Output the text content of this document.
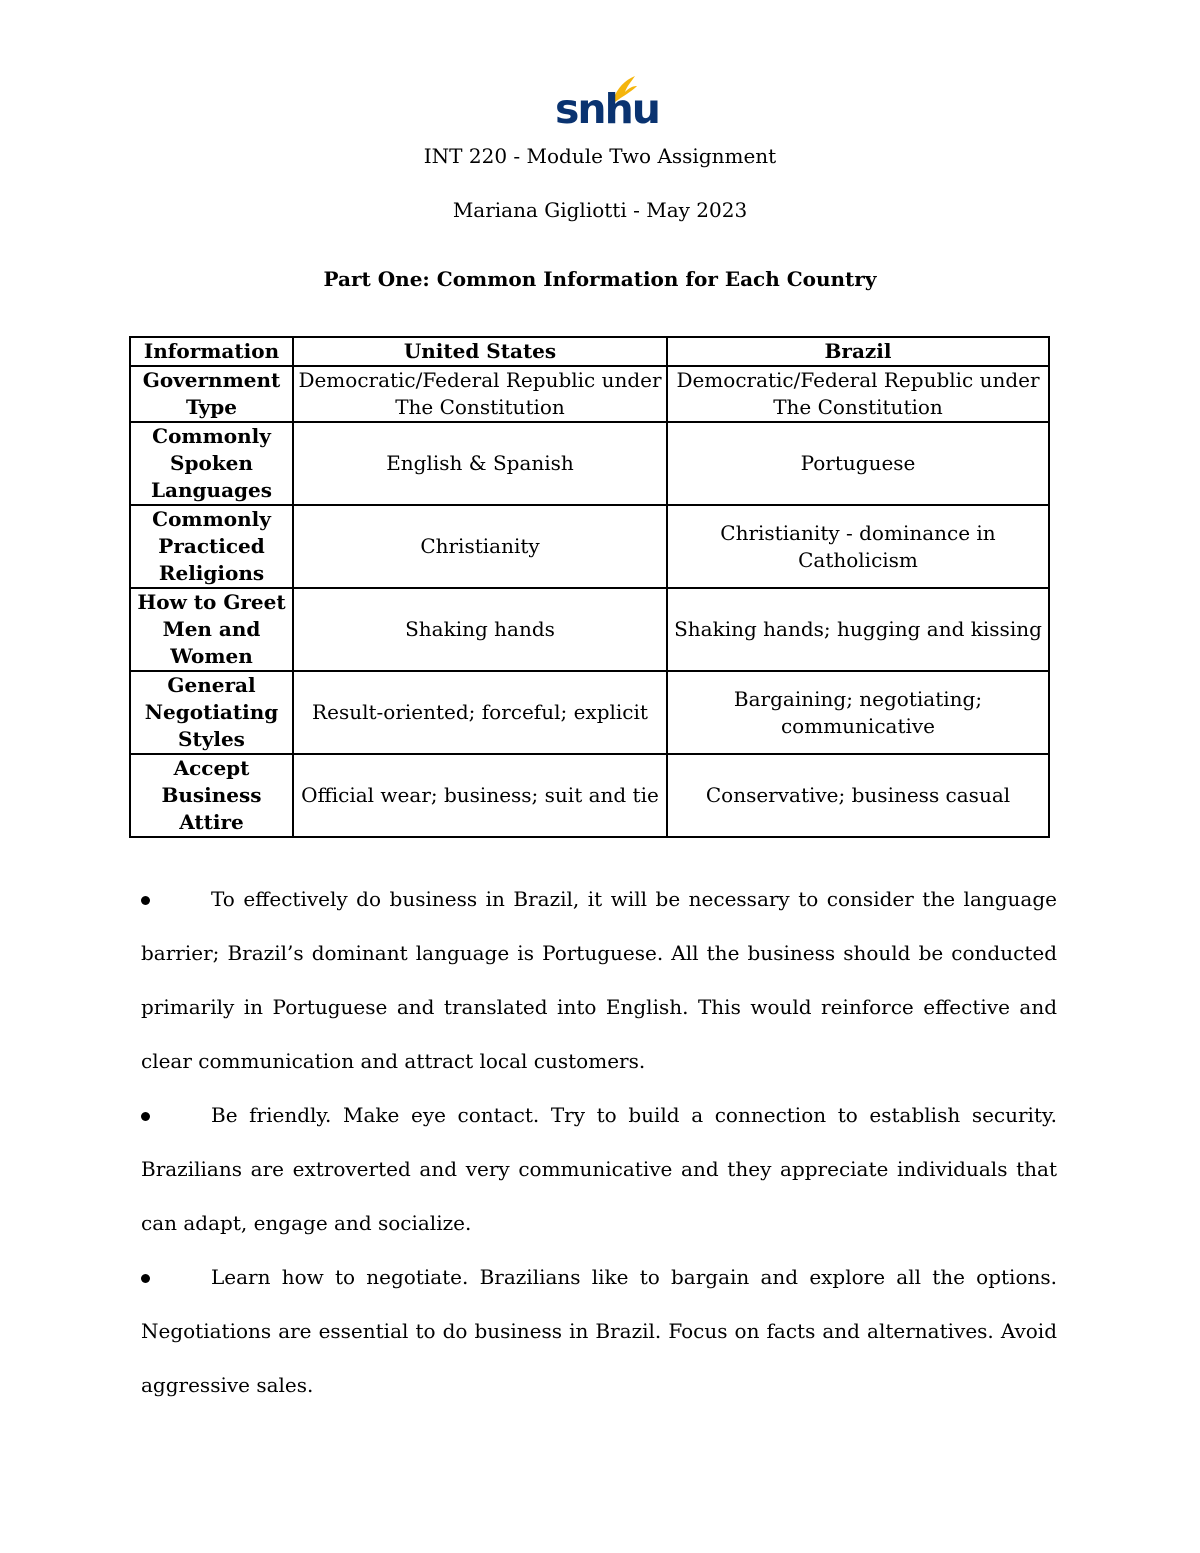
snhu
INT 220 - Module Two Assignment
Mariana Gigliotti - May 2023
Part One: Common Information for Each Country
Information	United States	Brazil
Government Type	Democratic/Federal Republic under The Constitution	Democratic/Federal Republic under The Constitution
Commonly Spoken Languages	English & Spanish	Portuguese
Commonly Practiced Religions	Christianity	Christianity - dominance in Catholicism
How to Greet Men and Women	Shaking hands	Shaking hands; hugging and kissing
General Negotiating Styles	Result-oriented; forceful; explicit	Bargaining; negotiating; communicative
Accept Business Attire	Official wear; business; suit and tie	Conservative; business casual

To effectively do business in Brazil, it will be necessary to consider the language barrier; Brazil’s dominant language is Portuguese. All the business should be conducted primarily in Portuguese and translated into English. This would reinforce effective and clear communication and attract local customers.

Be friendly. Make eye contact. Try to build a connection to establish security. Brazilians are extroverted and very communicative and they appreciate individuals that can adapt, engage and socialize.

Learn how to negotiate. Brazilians like to bargain and explore all the options. Negotiations are essential to do business in Brazil. Focus on facts and alternatives. Avoid aggressive sales.
